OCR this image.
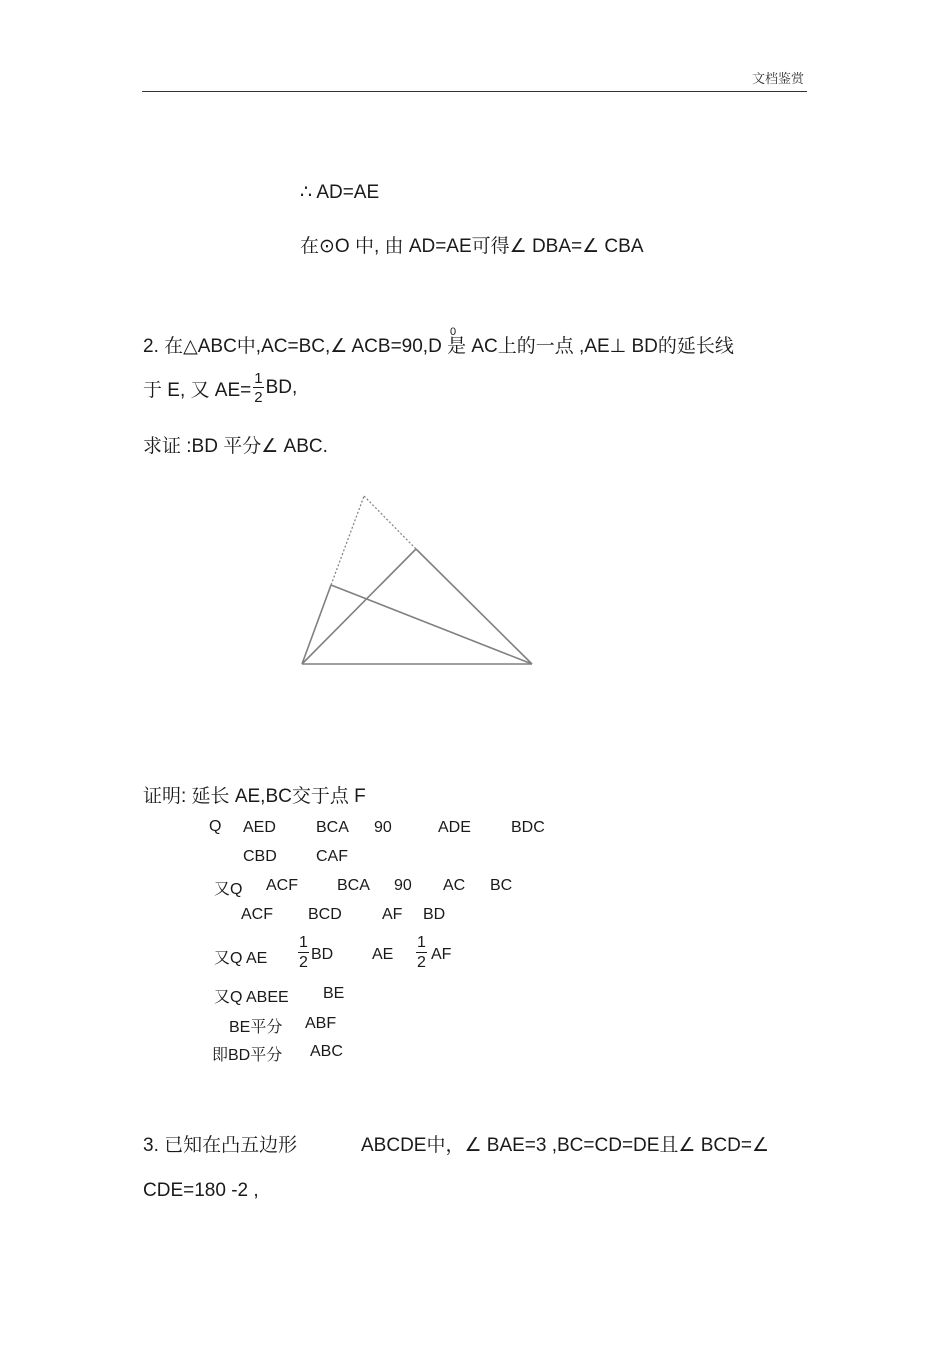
文档鉴赏
∴ AD=AE
在⊙O 中, 由 AD=AE可得∠ DBA=∠ CBA
2. 在△ABC中,AC=BC,∠ ACB=90,D 是 AC上的一点 ,AE⊥ BD的延长线
0
于 E, 又 $AE= \frac{1}{2}$ BD,
求证 :BD 平分∠ ABC.
证明: 延长 AE,BC交于点 F
Q AED	BCA 90	ADE	BDC
CBD CAF
又Q ACF BCA 90 AC BC
ACF BCD	AF BD
又Q AE $\frac{1}{2}$ BD AE $\frac{1}{2}$ AF
又Q ABEE BE
BE平分 ABF
即BD平分 ABC
3. 已知在凸五边形	ABCDE中，∠ BAE=3 ,BC=CD=DE且∠ BCD=∠
CDE=180 -2 ,
